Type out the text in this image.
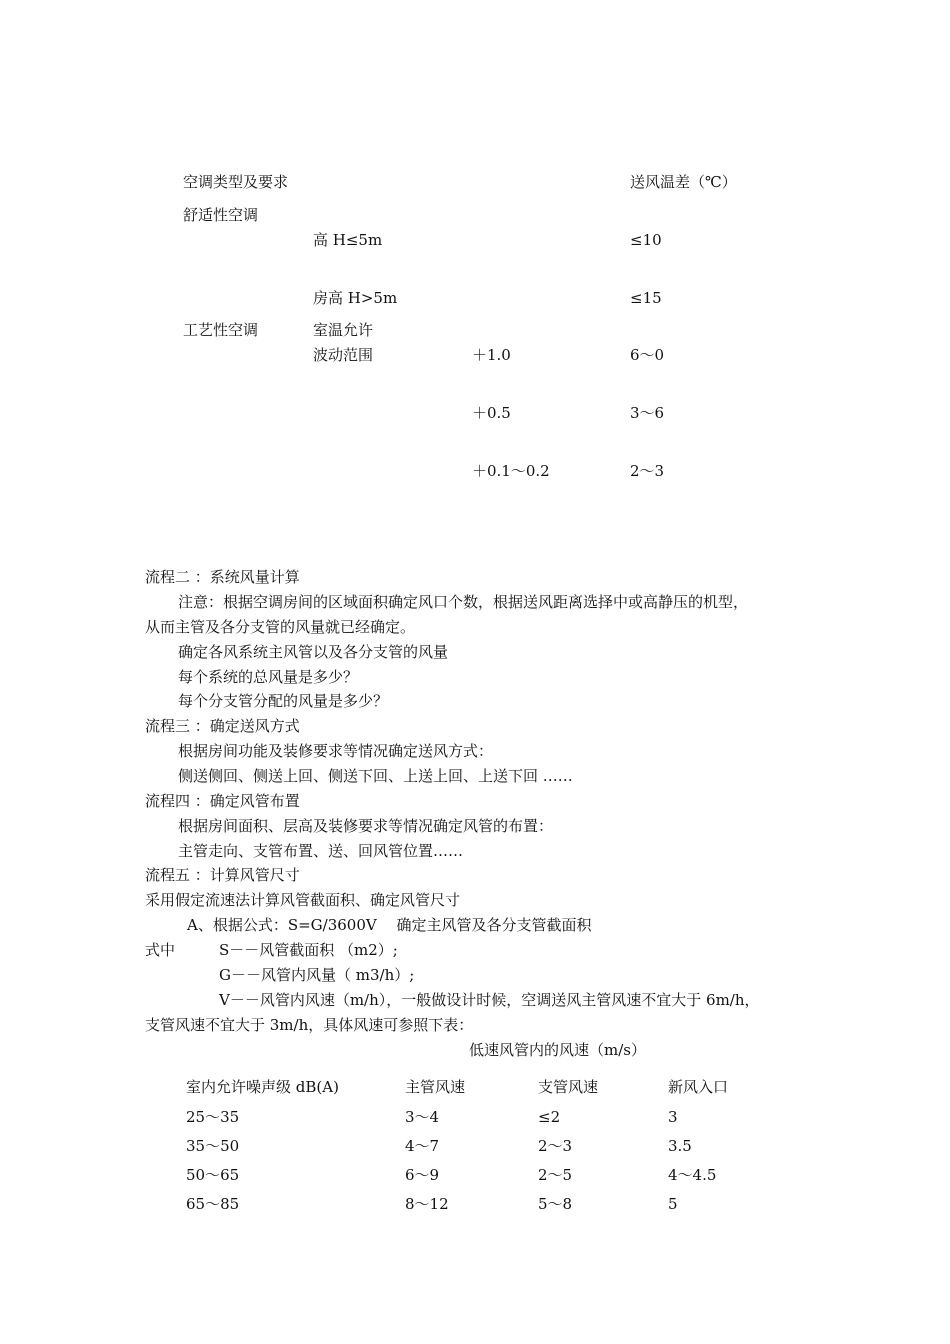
空调类型及要求	送风温差（℃）
舒适性空调
高 H≤5m	≤10
房高 H>5m	≤15
工艺性空调	室温允许
波动范围	＋1.0	6～0
＋0.5	3～6
＋0.1～0.2	2～3
流程二 ：系统风量计算
注意：根据空调房间的区域面积确定风口个数，根据送风距离选择中或高静压的机型，
从而主管及各分支管的风量就已经确定。
确定各风系统主风管以及各分支管的风量
每个系统的总风量是多少？
每个分支管分配的风量是多少？
流程三 ：确定送风方式
根据房间功能及装修要求等情况确定送风方式：
侧送侧回、侧送上回、侧送下回、上送上回、上送下回 ……
流程四 ：确定风管布置
根据房间面积、层高及装修要求等情况确定风管的布置：
主管走向、支管布置、送、回风管位置……
流程五 ：计算风管尺寸
采用假定流速法计算风管截面积、确定风管尺寸
A、根据公式：S=G/3600V　 确定主风管及各分支管截面积
式中	S－－风管截面积 （m2）;
G－－风管内风量（ m3/h）;
V－－风管内风速（m/h），一般做设计时候，空调送风主管风速不宜大于 6m/h，
支管风速不宜大于 3m/h，具体风速可参照下表：
低速风管内的风速（m/s）
室内允许噪声级 dB(A)	主管风速	支管风速	新风入口
25～35	3～4	≤2	3
35～50	4～7	2～3	3.5
50～65	6～9	2～5	4～4.5
65～85	8～12	5～8	5
